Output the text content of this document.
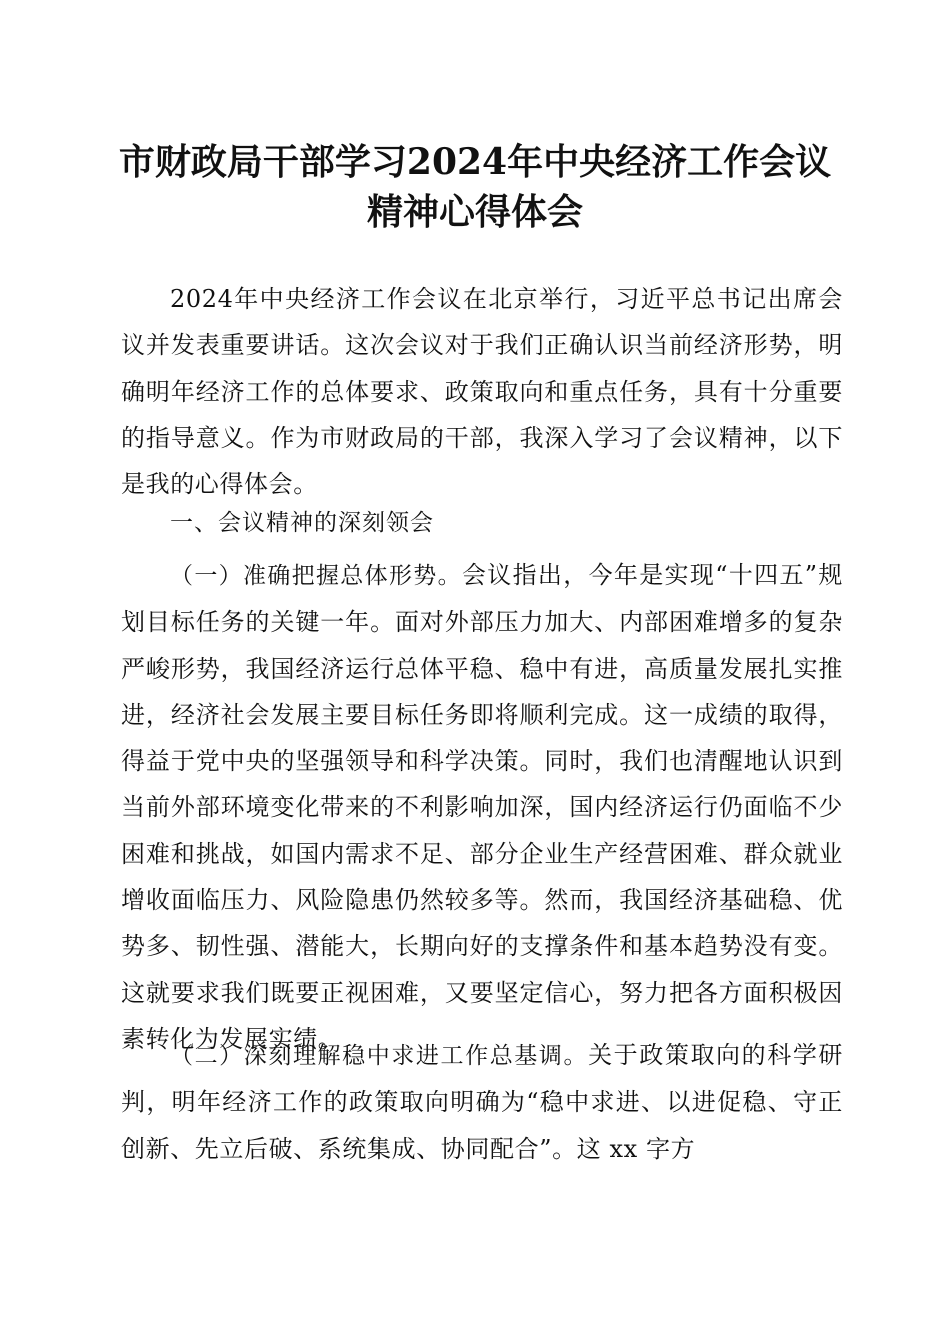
市财政局干部学习2024年中央经济工作会议
精神心得体会

2024年中央经济工作会议在北京举行，习近平总书记出席会议并发表重要讲话。这次会议对于我们正确认识当前经济形势，明确明年经济工作的总体要求、政策取向和重点任务，具有十分重要的指导意义。作为市财政局的干部，我深入学习了会议精神，以下是我的心得体会。

一、会议精神的深刻领会

（一）准确把握总体形势。会议指出，今年是实现“十四五”规划目标任务的关键一年。面对外部压力加大、内部困难增多的复杂严峻形势，我国经济运行总体平稳、稳中有进，高质量发展扎实推进，经济社会发展主要目标任务即将顺利完成。这一成绩的取得，得益于党中央的坚强领导和科学决策。同时，我们也清醒地认识到当前外部环境变化带来的不利影响加深，国内经济运行仍面临不少困难和挑战，如国内需求不足、部分企业生产经营困难、群众就业增收面临压力、风险隐患仍然较多等。然而，我国经济基础稳、优势多、韧性强、潜能大，长期向好的支撑条件和基本趋势没有变。这就要求我们既要正视困难，又要坚定信心，努力把各方面积极因素转化为发展实绩。

（二）深刻理解稳中求进工作总基调。关于政策取向的科学研判，明年经济工作的政策取向明确为“稳中求进、以进促稳、守正创新、先立后破、系统集成、协同配合”。这 xx 字方
